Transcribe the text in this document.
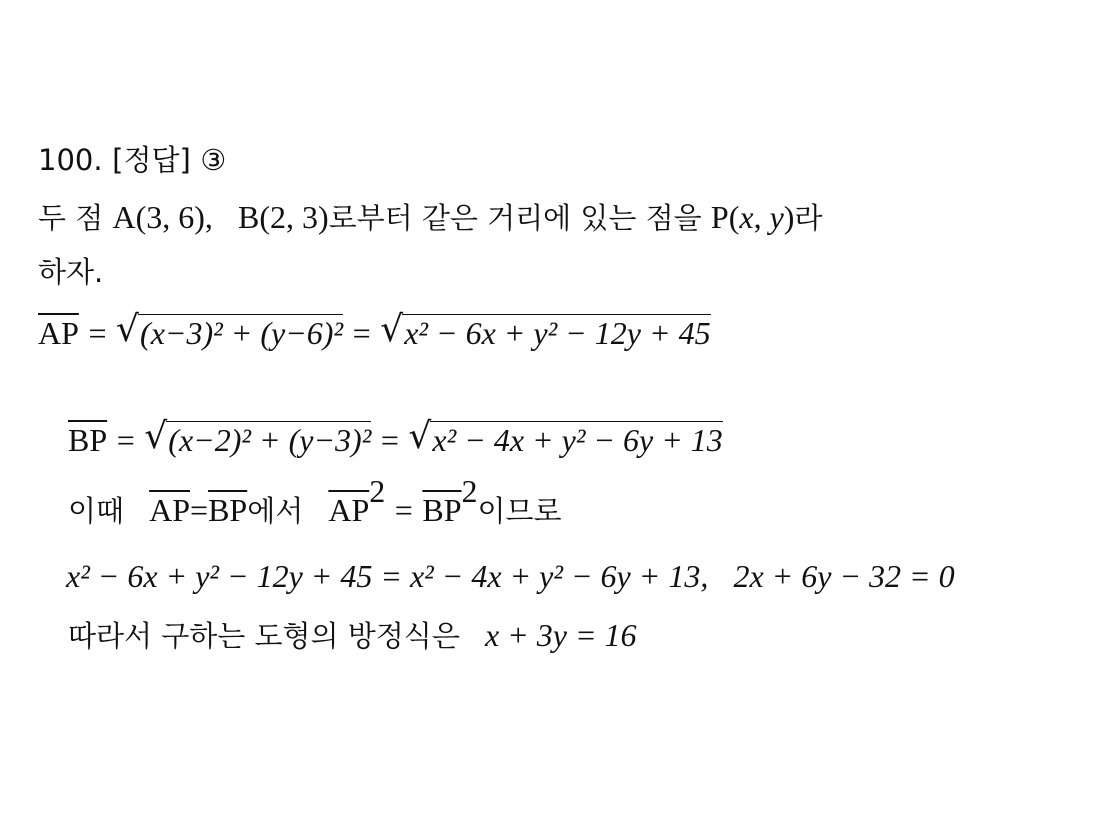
100. [정답] ③
두 점 A(3, 6), B(2, 3)로부터 같은 거리에 있는 점을 P(x, y)라
하자.
$\overline{AP}$ = √ (x−3)² + (y−6)² = √ x² − 6x + y² − 12y + 45
$\overline{BP}$ = √ (x−2)² + (y−3)² = √ x² − 4x + y² − 6y + 13
이때 $\overline{AP}=\overline{BP}$에서 $\overline{AP}^2 = \overline{BP}^2$이므로
x² − 6x + y² − 12y + 45 = x² − 4x + y² − 6y + 13, 2x + 6y − 32 = 0
따라서 구하는 도형의 방정식은 x + 3y = 16
